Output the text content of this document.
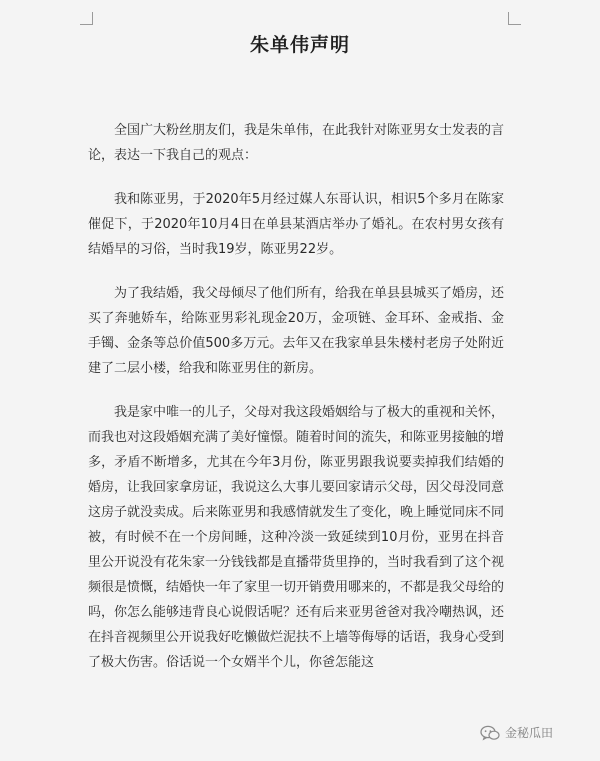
朱单伟声明

全国广大粉丝朋友们，我是朱单伟，在此我针对陈亚男女士发表的言论，表达一下我自己的观点：

我和陈亚男，于2020年5月经过媒人东哥认识，相识5个多月在陈家催促下，于2020年10月4日在单县某酒店举办了婚礼。在农村男女孩有结婚早的习俗，当时我19岁，陈亚男22岁。

为了我结婚，我父母倾尽了他们所有，给我在单县县城买了婚房，还买了奔驰娇车，给陈亚男彩礼现金20万，金项链、金耳环、金戒指、金手镯、金条等总价值500多万元。去年又在我家单县朱楼村老房子处附近建了二层小楼，给我和陈亚男住的新房。

我是家中唯一的儿子，父母对我这段婚姻给与了极大的重视和关怀，而我也对这段婚姻充满了美好憧憬。随着时间的流失，和陈亚男接触的增多，矛盾不断增多，尤其在今年3月份，陈亚男跟我说要卖掉我们结婚的婚房，让我回家拿房证，我说这么大事儿要回家请示父母，因父母没同意这房子就没卖成。后来陈亚男和我感情就发生了变化，晚上睡觉同床不同被，有时候不在一个房间睡，这种冷淡一致延续到10月份，亚男在抖音里公开说没有花朱家一分钱钱都是直播带货里挣的，当时我看到了这个视频很是愤慨，结婚快一年了家里一切开销费用哪来的，不都是我父母给的吗，你怎么能够违背良心说假话呢？还有后来亚男爸爸对我冷嘲热讽，还在抖音视频里公开说我好吃懒做烂泥扶不上墙等侮辱的话语，我身心受到了极大伤害。俗话说一个女婿半个儿，你爸怎能这

金秘瓜田
